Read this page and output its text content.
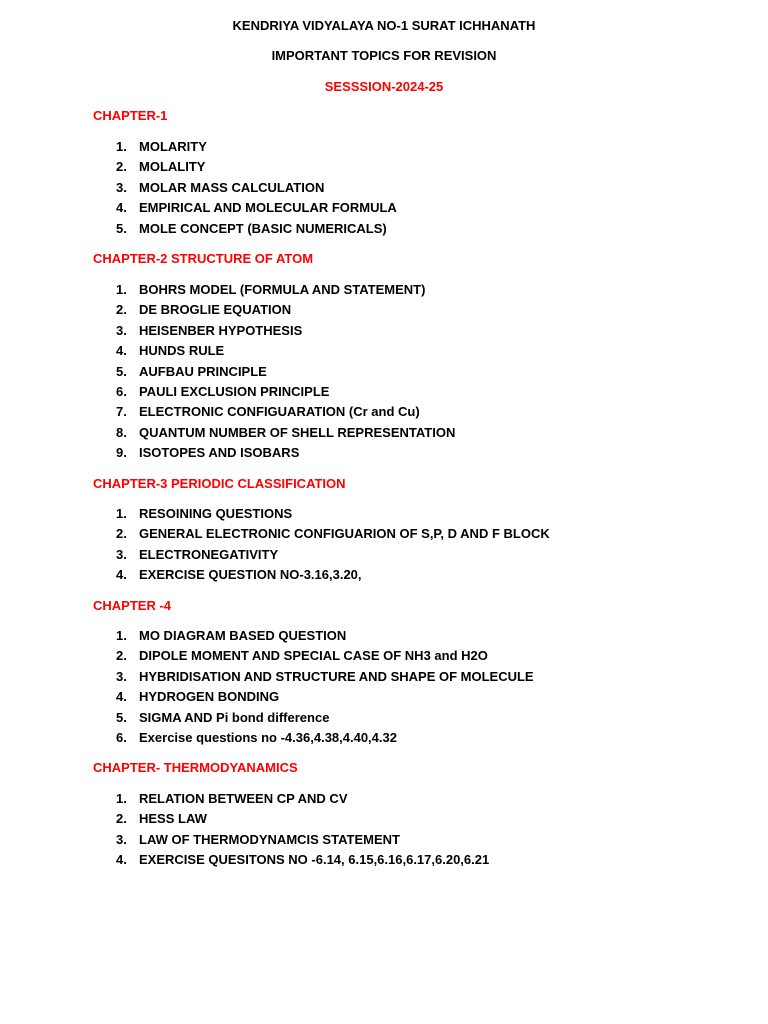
KENDRIYA VIDYALAYA NO-1 SURAT ICHHANATH
IMPORTANT TOPICS FOR REVISION
SESSSION-2024-25
CHAPTER-1
1. MOLARITY
2. MOLALITY
3. MOLAR MASS CALCULATION
4. EMPIRICAL AND MOLECULAR FORMULA
5. MOLE CONCEPT (BASIC NUMERICALS)
CHAPTER-2 STRUCTURE OF ATOM
1. BOHRS MODEL (FORMULA AND STATEMENT)
2. DE BROGLIE EQUATION
3. HEISENBER HYPOTHESIS
4. HUNDS RULE
5. AUFBAU PRINCIPLE
6. PAULI EXCLUSION PRINCIPLE
7. ELECTRONIC CONFIGUARATION (Cr and Cu)
8. QUANTUM NUMBER OF SHELL REPRESENTATION
9. ISOTOPES AND ISOBARS
CHAPTER-3 PERIODIC CLASSIFICATION
1. RESOINING QUESTIONS
2. GENERAL ELECTRONIC CONFIGUARION OF S,P, D AND F BLOCK
3. ELECTRONEGATIVITY
4. EXERCISE QUESTION NO-3.16,3.20,
CHAPTER -4
1. MO DIAGRAM BASED QUESTION
2. DIPOLE MOMENT AND SPECIAL CASE OF NH3 and H2O
3. HYBRIDISATION AND STRUCTURE AND SHAPE OF MOLECULE
4. HYDROGEN BONDING
5. SIGMA AND Pi bond difference
6. Exercise questions no -4.36,4.38,4.40,4.32
CHAPTER- THERMODYANAMICS
1. RELATION BETWEEN CP AND CV
2. HESS LAW
3. LAW OF THERMODYNAMCIS STATEMENT
4. EXERCISE QUESITONS NO -6.14, 6.15,6.16,6.17,6.20,6.21
